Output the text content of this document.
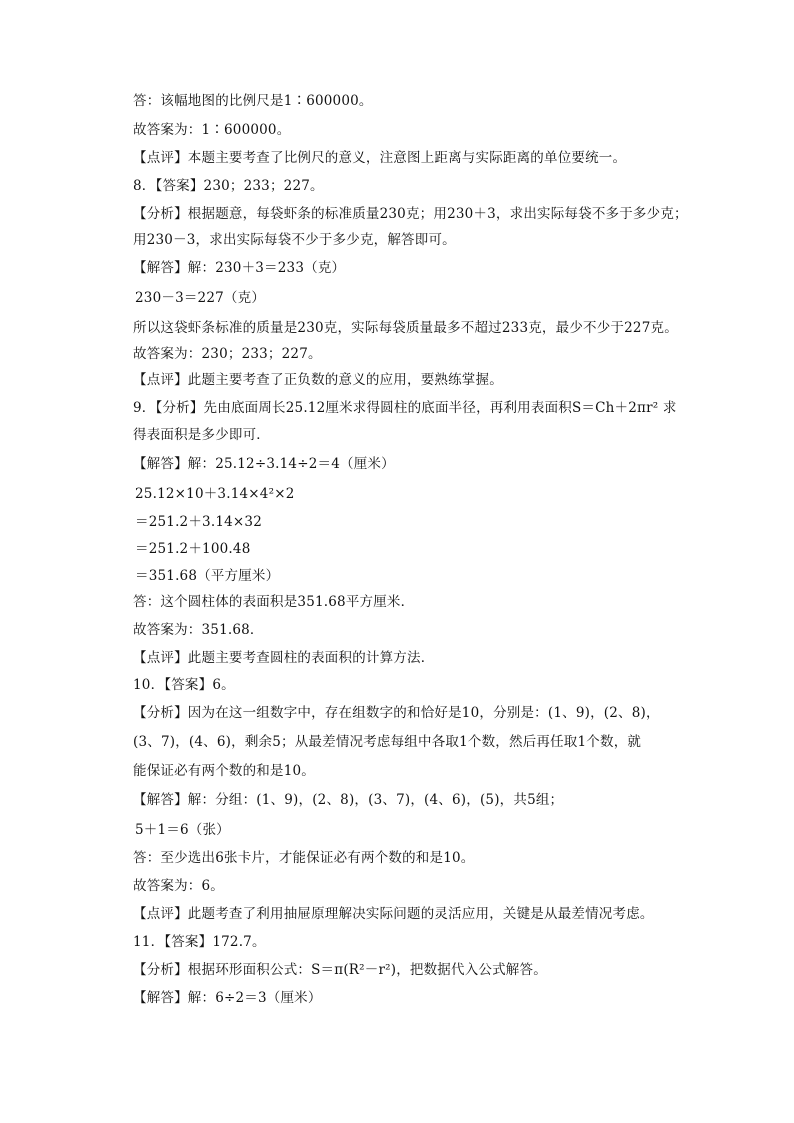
答：该幅地图的比例尺是1∶600000。
故答案为：1∶600000。
【点评】本题主要考查了比例尺的意义，注意图上距离与实际距离的单位要统一。
8．【答案】230；233；227。
【分析】根据题意，每袋虾条的标准质量230克；用230＋3，求出实际每袋不多于多少克；
用230－3，求出实际每袋不少于多少克，解答即可。
【解答】解：230＋3＝233（克）
230－3＝227（克）
所以这袋虾条标准的质量是230克，实际每袋质量最多不超过233克，最少不少于227克。
故答案为：230；233；227。
【点评】此题主要考查了正负数的意义的应用，要熟练掌握。
9．【分析】先由底面周长25.12厘米求得圆柱的底面半径，再利用表面积S＝Ch＋2πr² 求
得表面积是多少即可．
【解答】解：25.12÷3.14÷2＝4（厘米）
25.12×10＋3.14×4²×2
＝251.2＋3.14×32
＝251.2＋100.48
＝351.68（平方厘米）
答：这个圆柱体的表面积是351.68平方厘米．
故答案为：351.68．
【点评】此题主要考查圆柱的表面积的计算方法．
10．【答案】6。
【分析】因为在这一组数字中，存在组数字的和恰好是10，分别是：(1、9)，(2、8)，
(3、7)，(4、6)，剩余5；从最差情况考虑每组中各取1个数，然后再任取1个数，就
能保证必有两个数的和是10。
【解答】解：分组：(1、9)，(2、8)，(3、7)，(4、6)，(5)，共5组；
5＋1＝6（张）
答：至少选出6张卡片，才能保证必有两个数的和是10。
故答案为：6。
【点评】此题考查了利用抽屉原理解决实际问题的灵活应用，关键是从最差情况考虑。
11．【答案】172.7。
【分析】根据环形面积公式：S＝π(R²－r²)，把数据代入公式解答。
【解答】解：6÷2＝3（厘米）
